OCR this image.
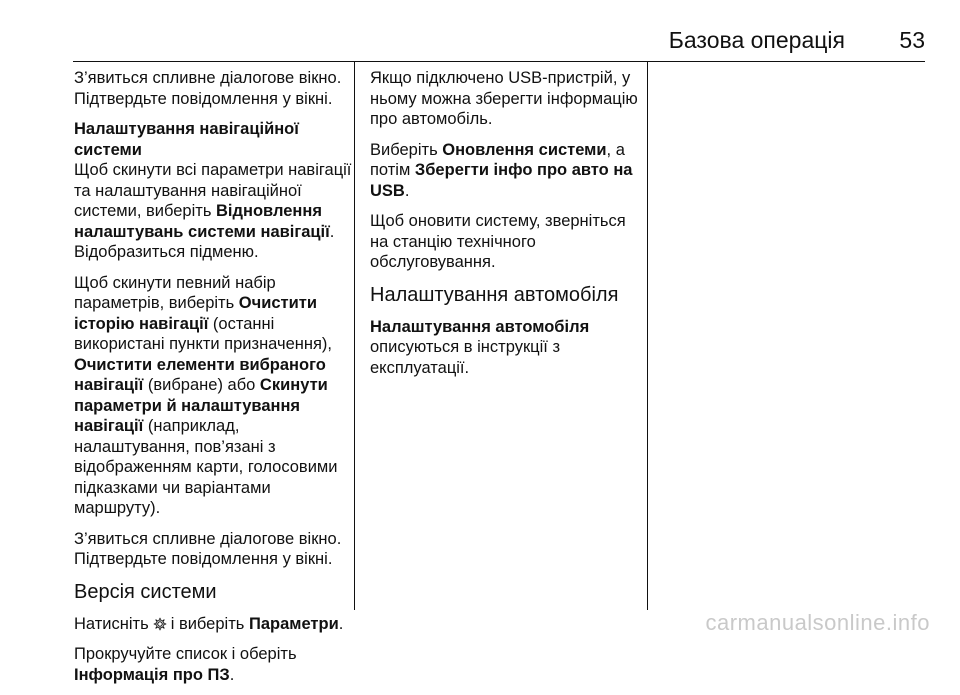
Базова операція 53

З’явиться спливне діалогове вікно. Підтвердьте повідомлення у вікні.

Налаштування навігаційної системи

Щоб скинути всі параметри навігації та налаштування навігаційної системи, виберіть Відновлення налаштувань системи навігації. Відобразиться підменю.

Щоб скинути певний набір параметрів, виберіть Очистити історію навігації (останні використані пункти призначення), Очистити елементи вибраного навігації (вибране) або Скинути параметри й налаштування навігації (наприклад, налаштування, пов’язані з відображенням карти, голосовими підказками чи варіантами маршруту).

З’явиться спливне діалогове вікно. Підтвердьте повідомлення у вікні.

Версія системи

Натисніть і виберіть Параметри.

Прокручуйте список і оберіть Інформація про ПЗ.

Якщо підключено USB-пристрій, у ньому можна зберегти інформацію про автомобіль.

Виберіть Оновлення системи, а потім Зберегти інфо про авто на USB.

Щоб оновити систему, зверніться на станцію технічного обслуговування.

Налаштування автомобіля

Налаштування автомобіля описуються в інструкції з експлуатації.

carmanualsonline.info
